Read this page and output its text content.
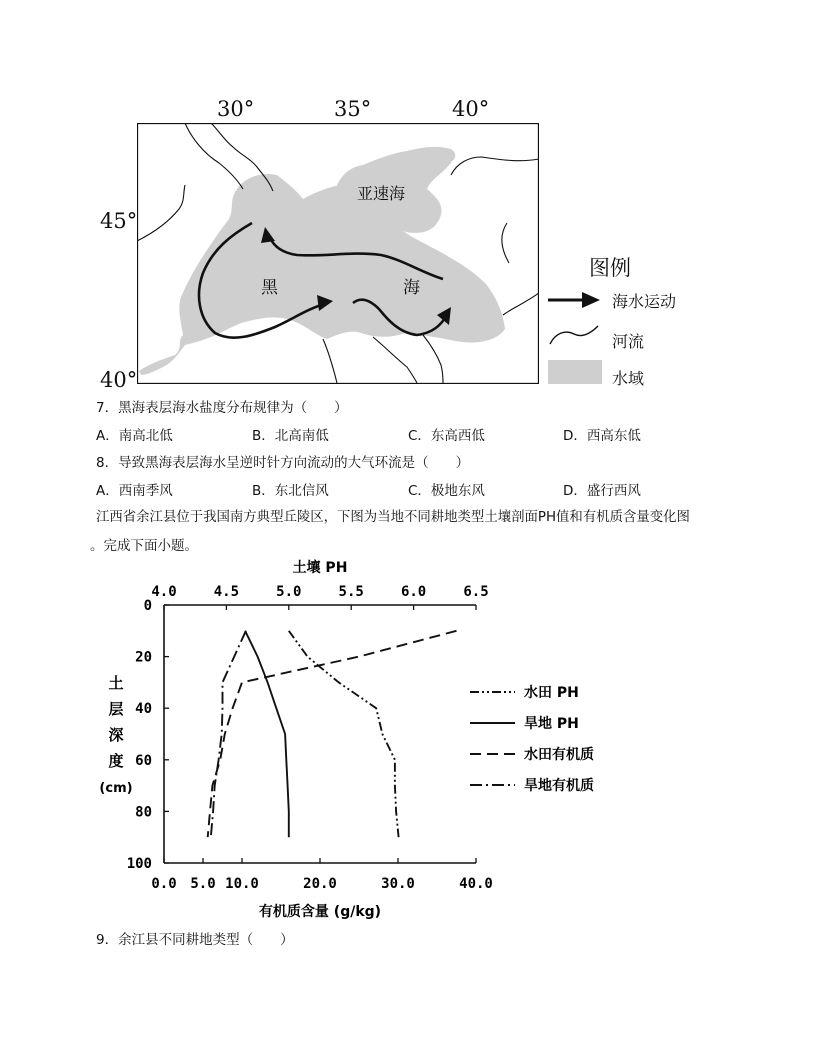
30°	35°	40°
45°
40°
亚速海
黑	海
图例
海水运动
河流
水域
7．黑海表层海水盐度分布规律为（　　）
A．南高北低	B．北高南低	C．东高西低	D．西高东低
8．导致黑海表层海水呈逆时针方向流动的大气环流是（　　）
A．西南季风	B．东北信风	C．极地东风	D．盛行西风
江西省余江县位于我国南方典型丘陵区，下图为当地不同耕地类型土壤剖面PH值和有机质含量变化图
。完成下面小题。
4.0	4.5	5.0	5.5	6.0	6.5
土壤 PH
0.0 5.0 10.0	20.0	30.0	40.0
有机质含量 (g/kg)
0
20
40
60
80
100
土
层
深
度
(cm)
水田 PH
旱地 PH
水田有机质
旱地有机质
9．余江县不同耕地类型（　　）
